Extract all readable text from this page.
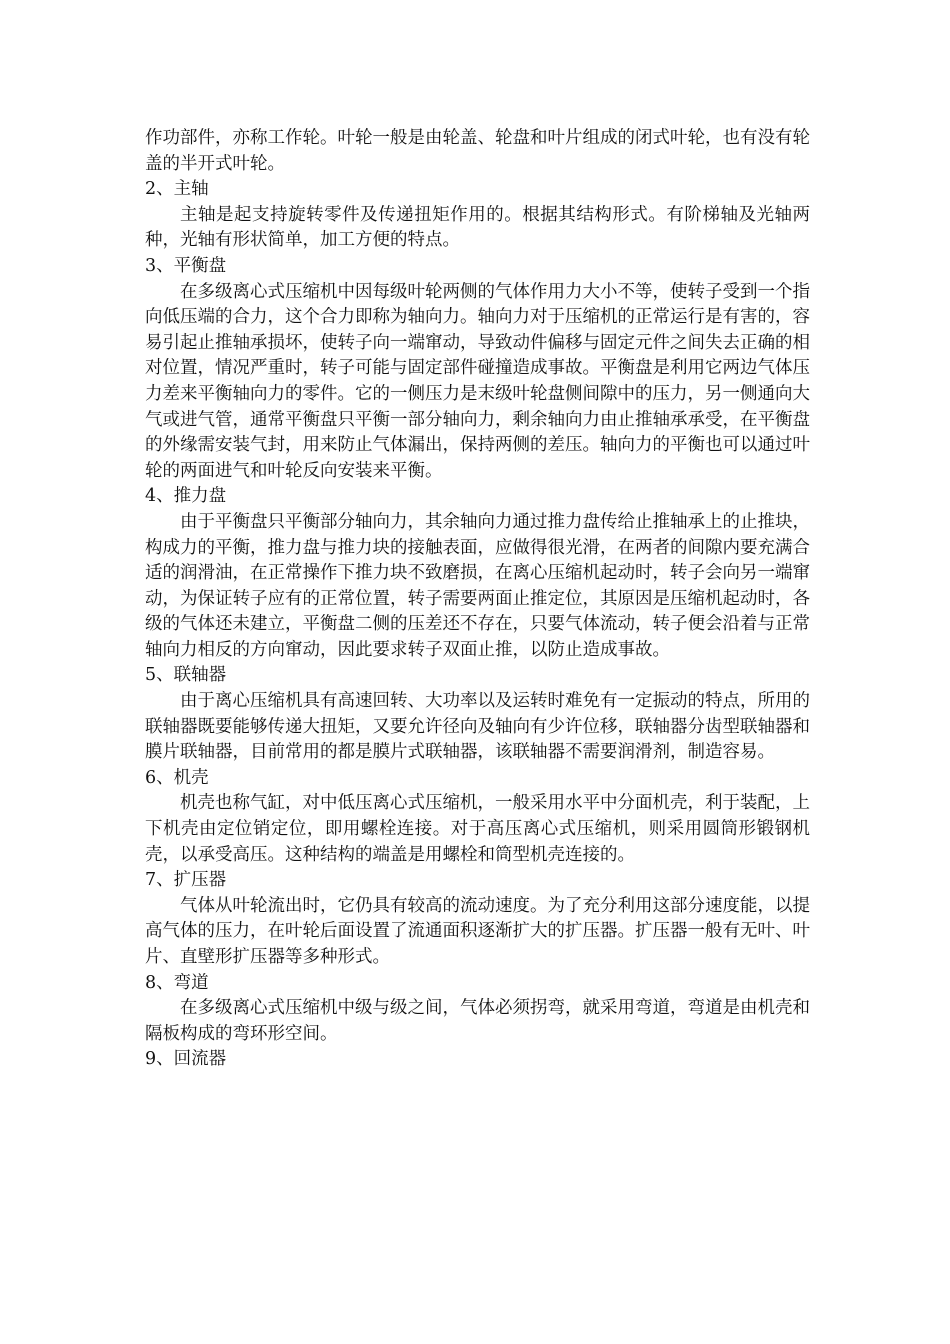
作功部件，亦称工作轮。叶轮一般是由轮盖、轮盘和叶片组成的闭式叶轮，也有没有轮盖的半开式叶轮。

2、主轴

主轴是起支持旋转零件及传递扭矩作用的。根据其结构形式。有阶梯轴及光轴两种，光轴有形状简单，加工方便的特点。

3、平衡盘

在多级离心式压缩机中因每级叶轮两侧的气体作用力大小不等，使转子受到一个指向低压端的合力，这个合力即称为轴向力。轴向力对于压缩机的正常运行是有害的，容易引起止推轴承损坏，使转子向一端窜动，导致动件偏移与固定元件之间失去正确的相对位置，情况严重时，转子可能与固定部件碰撞造成事故。平衡盘是利用它两边气体压力差来平衡轴向力的零件。它的一侧压力是末级叶轮盘侧间隙中的压力，另一侧通向大气或进气管，通常平衡盘只平衡一部分轴向力，剩余轴向力由止推轴承承受，在平衡盘的外缘需安装气封，用来防止气体漏出，保持两侧的差压。轴向力的平衡也可以通过叶轮的两面进气和叶轮反向安装来平衡。

4、推力盘

由于平衡盘只平衡部分轴向力，其余轴向力通过推力盘传给止推轴承上的止推块，构成力的平衡，推力盘与推力块的接触表面，应做得很光滑，在两者的间隙内要充满合适的润滑油，在正常操作下推力块不致磨损，在离心压缩机起动时，转子会向另一端窜动，为保证转子应有的正常位置，转子需要两面止推定位，其原因是压缩机起动时，各级的气体还未建立，平衡盘二侧的压差还不存在，只要气体流动，转子便会沿着与正常轴向力相反的方向窜动，因此要求转子双面止推，以防止造成事故。

5、联轴器

由于离心压缩机具有高速回转、大功率以及运转时难免有一定振动的特点，所用的联轴器既要能够传递大扭矩，又要允许径向及轴向有少许位移，联轴器分齿型联轴器和膜片联轴器，目前常用的都是膜片式联轴器，该联轴器不需要润滑剂，制造容易。

6、机壳

机壳也称气缸，对中低压离心式压缩机，一般采用水平中分面机壳，利于装配，上下机壳由定位销定位，即用螺栓连接。对于高压离心式压缩机，则采用圆筒形锻钢机壳，以承受高压。这种结构的端盖是用螺栓和筒型机壳连接的。

7、扩压器

气体从叶轮流出时，它仍具有较高的流动速度。为了充分利用这部分速度能，以提高气体的压力，在叶轮后面设置了流通面积逐渐扩大的扩压器。扩压器一般有无叶、叶片、直壁形扩压器等多种形式。

8、弯道

在多级离心式压缩机中级与级之间，气体必须拐弯，就采用弯道，弯道是由机壳和隔板构成的弯环形空间。

9、回流器
